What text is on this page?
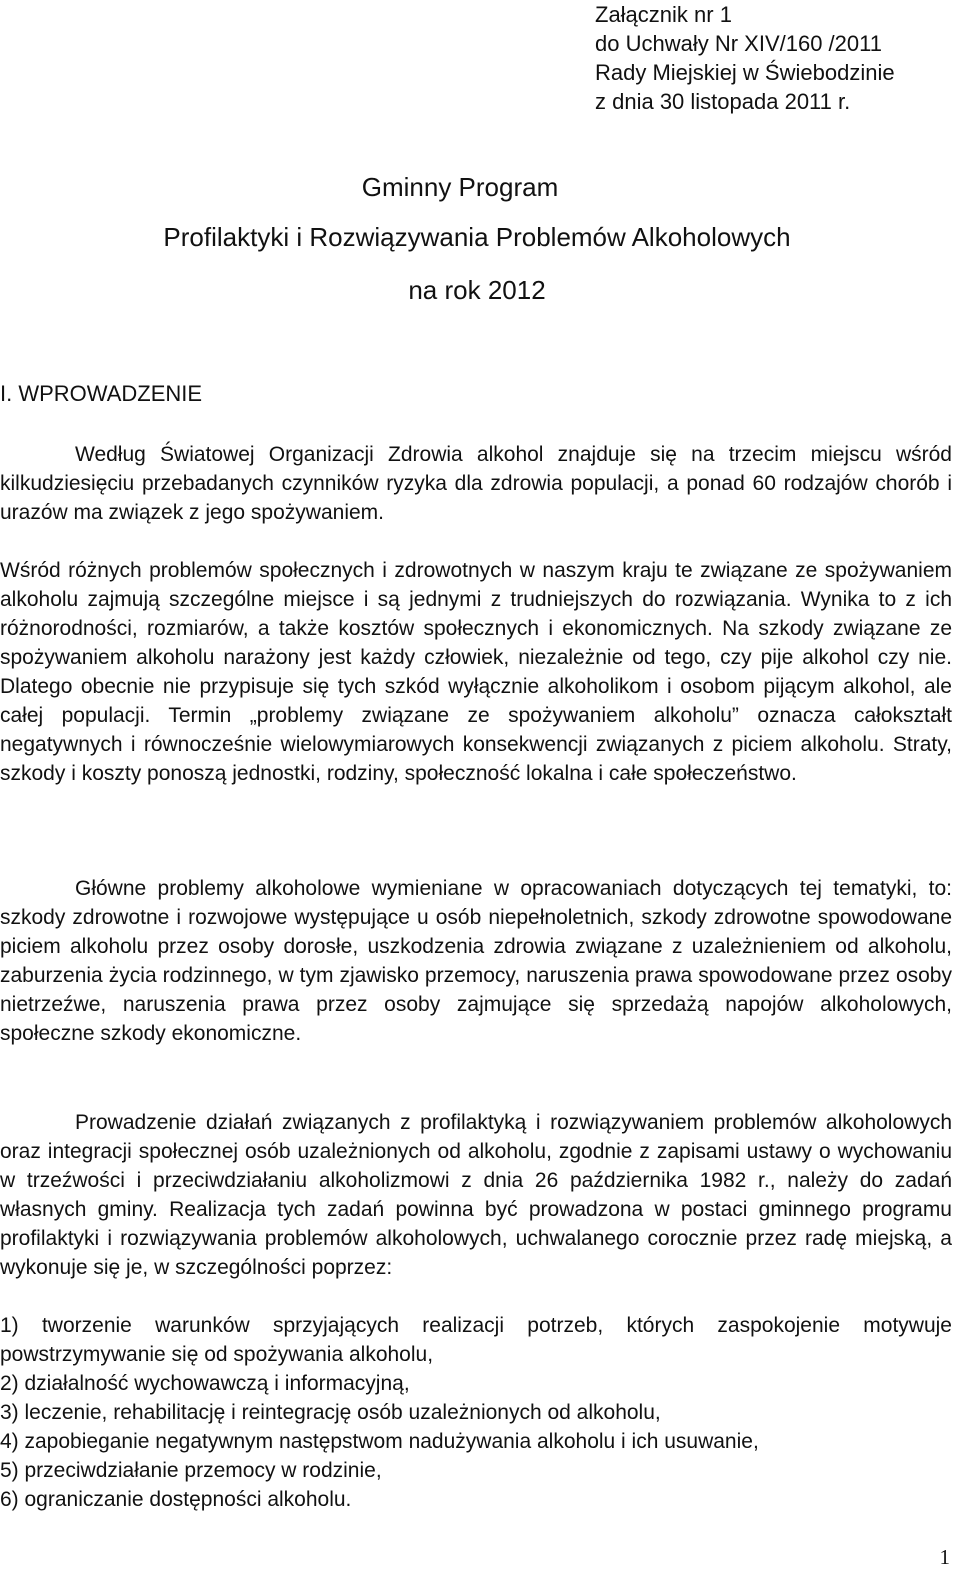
Załącznik nr 1
do Uchwały Nr XIV/160 /2011
Rady Miejskiej w Świebodzinie
z dnia 30 listopada 2011 r.
Gminny Program
Profilaktyki i Rozwiązywania Problemów Alkoholowych
na rok 2012
I. WPROWADZENIE

Według Światowej Organizacji Zdrowia alkohol znajduje się na trzecim miejscu wśród kilkudziesięciu przebadanych czynników ryzyka dla zdrowia populacji, a ponad 60 rodzajów chorób i urazów ma związek z jego spożywaniem.

Wśród różnych problemów społecznych i zdrowotnych w naszym kraju te związane ze spożywaniem alkoholu zajmują szczególne miejsce i są jednymi z trudniejszych do rozwiązania. Wynika to z ich różnorodności, rozmiarów, a także kosztów społecznych i ekonomicznych. Na szkody związane ze spożywaniem alkoholu narażony jest każdy człowiek, niezależnie od tego, czy pije alkohol czy nie. Dlatego obecnie nie przypisuje się tych szkód wyłącznie alkoholikom i osobom pijącym alkohol, ale całej populacji. Termin „problemy związane ze spożywaniem alkoholu” oznacza całokształt negatywnych i równocześnie wielowymiarowych konsekwencji związanych z piciem alkoholu. Straty, szkody i koszty ponoszą jednostki, rodziny, społeczność lokalna i całe społeczeństwo.

Główne problemy alkoholowe wymieniane w opracowaniach dotyczących tej tematyki, to: szkody zdrowotne i rozwojowe występujące u osób niepełnoletnich, szkody zdrowotne spowodowane piciem alkoholu przez osoby dorosłe, uszkodzenia zdrowia związane z uzależnieniem od alkoholu, zaburzenia życia rodzinnego, w tym zjawisko przemocy, naruszenia prawa spowodowane przez osoby nietrzeźwe, naruszenia prawa przez osoby zajmujące się sprzedażą napojów alkoholowych, społeczne szkody ekonomiczne.

Prowadzenie działań związanych z profilaktyką i rozwiązywaniem problemów alkoholowych oraz integracji społecznej osób uzależnionych od alkoholu, zgodnie z zapisami ustawy o wychowaniu w trzeźwości i przeciwdziałaniu alkoholizmowi z dnia 26 października 1982 r., należy do zadań własnych gminy. Realizacja tych zadań powinna być prowadzona w postaci gminnego programu profilaktyki i rozwiązywania problemów alkoholowych, uchwalanego corocznie przez radę miejską, a wykonuje się je, w szczególności poprzez:

1) tworzenie warunków sprzyjających realizacji potrzeb, których zaspokojenie motywuje powstrzymywanie się od spożywania alkoholu,
2) działalność wychowawczą i informacyjną,
3) leczenie, rehabilitację i reintegrację osób uzależnionych od alkoholu,
4) zapobieganie negatywnym następstwom nadużywania alkoholu i ich usuwanie,
5) przeciwdziałanie przemocy w rodzinie,
6) ograniczanie dostępności alkoholu.
1
